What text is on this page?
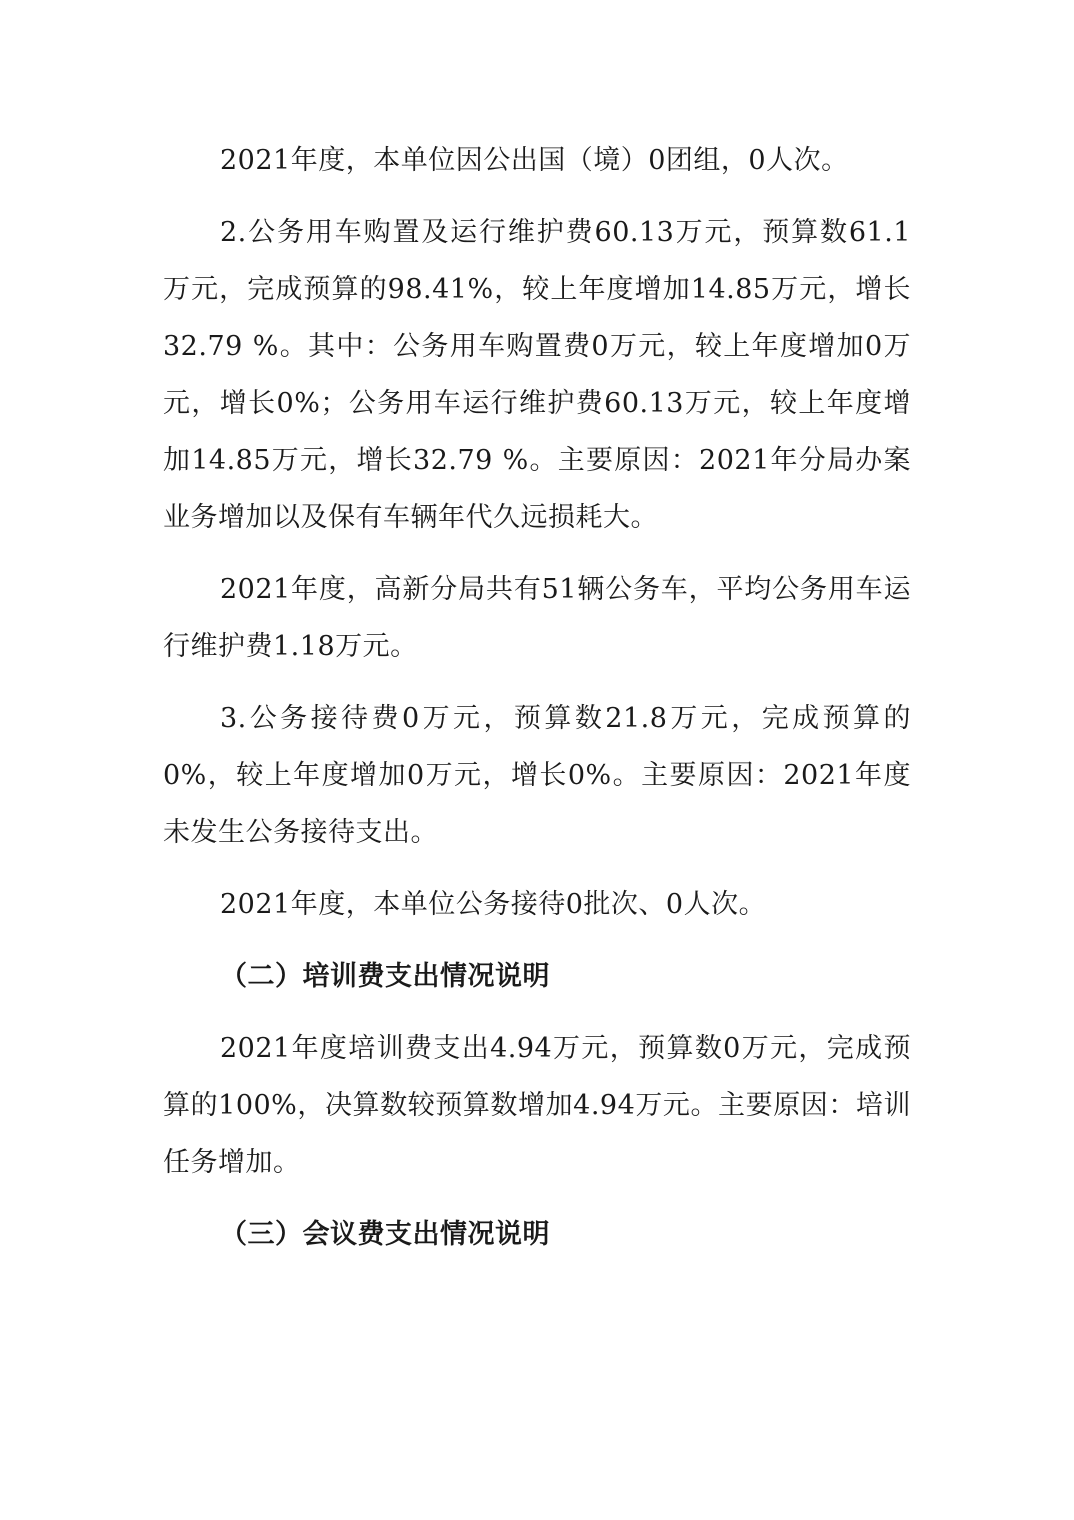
2021年度，本单位因公出国（境）0团组，0人次。

2.公务用车购置及运行维护费60.13万元，预算数61.1万元，完成预算的98.41%，较上年度增加14.85万元，增长32.79 %。其中：公务用车购置费0万元，较上年度增加0万元，增长0%；公务用车运行维护费60.13万元，较上年度增加14.85万元，增长32.79 %。主要原因：2021年分局办案业务增加以及保有车辆年代久远损耗大。

2021年度，高新分局共有51辆公务车，平均公务用车运行维护费1.18万元。

3.公务接待费0万元，预算数21.8万元，完成预算的0%，较上年度增加0万元，增长0%。主要原因：2021年度未发生公务接待支出。

2021年度，本单位公务接待0批次、0人次。

（二）培训费支出情况说明

2021年度培训费支出4.94万元，预算数0万元，完成预算的100%，决算数较预算数增加4.94万元。主要原因：培训任务增加。

（三）会议费支出情况说明
